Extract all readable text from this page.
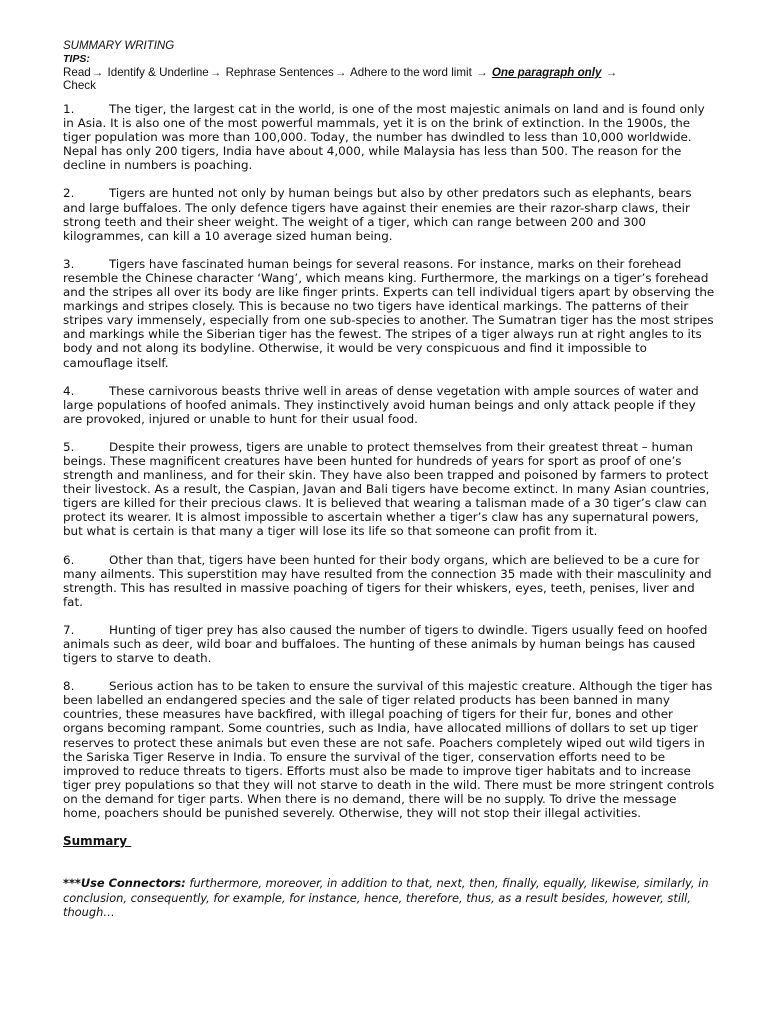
SUMMARY WRITING
TIPS:
Read→ Identify & Underline→ Rephrase Sentences→ Adhere to the word limit → One paragraph only →
Check

1.	The tiger, the largest cat in the world, is one of the most majestic animals on land and is found only in Asia. It is also one of the most powerful mammals, yet it is on the brink of extinction. In the 1900s, the tiger population was more than 100,000. Today, the number has dwindled to less than 10,000 worldwide. Nepal has only 200 tigers, India have about 4,000, while Malaysia has less than 500. The reason for the decline in numbers is poaching.

2.	Tigers are hunted not only by human beings but also by other predators such as elephants, bears and large buffaloes. The only defence tigers have against their enemies are their razor-sharp claws, their strong teeth and their sheer weight. The weight of a tiger, which can range between 200 and 300 kilogrammes, can kill a 10 average sized human being.

3.	Tigers have fascinated human beings for several reasons. For instance, marks on their forehead resemble the Chinese character ‘Wang’, which means king. Furthermore, the markings on a tiger’s forehead and the stripes all over its body are like finger prints. Experts can tell individual tigers apart by observing the markings and stripes closely. This is because no two tigers have identical markings. The patterns of their stripes vary immensely, especially from one sub-species to another. The Sumatran tiger has the most stripes and markings while the Siberian tiger has the fewest. The stripes of a tiger always run at right angles to its body and not along its bodyline. Otherwise, it would be very conspicuous and find it impossible to camouflage itself.

4.	These carnivorous beasts thrive well in areas of dense vegetation with ample sources of water and large populations of hoofed animals. They instinctively avoid human beings and only attack people if they are provoked, injured or unable to hunt for their usual food.

5.	Despite their prowess, tigers are unable to protect themselves from their greatest threat – human beings. These magnificent creatures have been hunted for hundreds of years for sport as proof of one’s strength and manliness, and for their skin. They have also been trapped and poisoned by farmers to protect their livestock. As a result, the Caspian, Javan and Bali tigers have become extinct. In many Asian countries, tigers are killed for their precious claws. It is believed that wearing a talisman made of a 30 tiger’s claw can protect its wearer. It is almost impossible to ascertain whether a tiger’s claw has any supernatural powers, but what is certain is that many a tiger will lose its life so that someone can profit from it.

6.	Other than that, tigers have been hunted for their body organs, which are believed to be a cure for many ailments. This superstition may have resulted from the connection 35 made with their masculinity and strength. This has resulted in massive poaching of tigers for their whiskers, eyes, teeth, penises, liver and fat.

7.	Hunting of tiger prey has also caused the number of tigers to dwindle. Tigers usually feed on hoofed animals such as deer, wild boar and buffaloes. The hunting of these animals by human beings has caused tigers to starve to death.

8.	Serious action has to be taken to ensure the survival of this majestic creature. Although the tiger has been labelled an endangered species and the sale of tiger related products has been banned in many countries, these measures have backfired, with illegal poaching of tigers for their fur, bones and other organs becoming rampant. Some countries, such as India, have allocated millions of dollars to set up tiger reserves to protect these animals but even these are not safe. Poachers completely wiped out wild tigers in the Sariska Tiger Reserve in India. To ensure the survival of the tiger, conservation efforts need to be improved to reduce threats to tigers. Efforts must also be made to improve tiger habitats and to increase tiger prey populations so that they will not starve to death in the wild. There must be more stringent controls on the demand for tiger parts. When there is no demand, there will be no supply. To drive the message home, poachers should be punished severely. Otherwise, they will not stop their illegal activities.

Summary
***Use Connectors: furthermore, moreover, in addition to that, next, then, finally, equally, likewise, similarly, in conclusion, consequently, for example, for instance, hence, therefore, thus, as a result besides, however, still, though…
